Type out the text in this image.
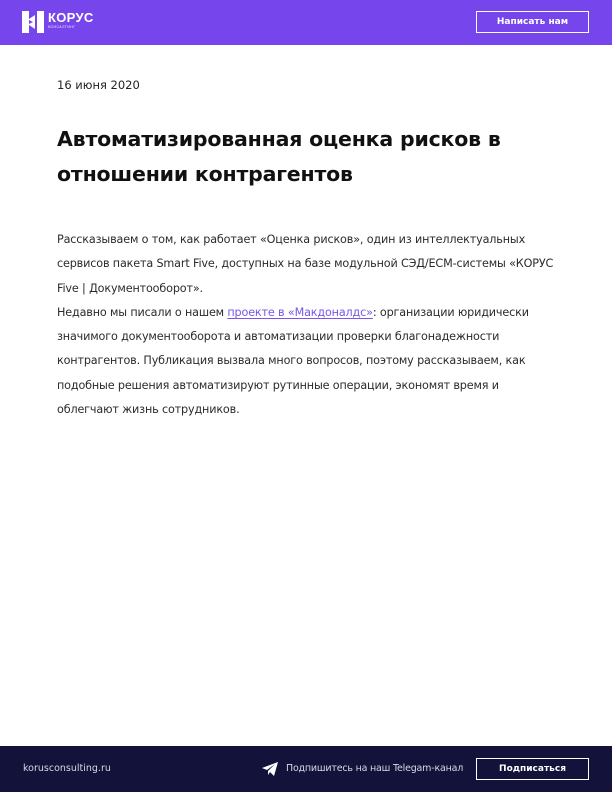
КОРУС
КОНСАЛТИНГ	Написать нам
16 июня 2020
Автоматизированная оценка рисков в отношении контрагентов

Рассказываем о том, как работает «Оценка рисков», один из интеллектуальных сервисов пакета Smart Five, доступных на базе модульной СЭД/ECM-системы «КОРУС Five | Документооборот».

Недавно мы писали о нашем проекте в «Макдоналдс»: организации юридически значимого документооборота и автоматизации проверки благонадежности контрагентов. Публикация вызвала много вопросов, поэтому рассказываем, как подобные решения автоматизируют рутинные операции, экономят время и облегчают жизнь сотрудников.

korusconsulting.ru	Подпишитесь на наш Telegam-канал	Подписаться
